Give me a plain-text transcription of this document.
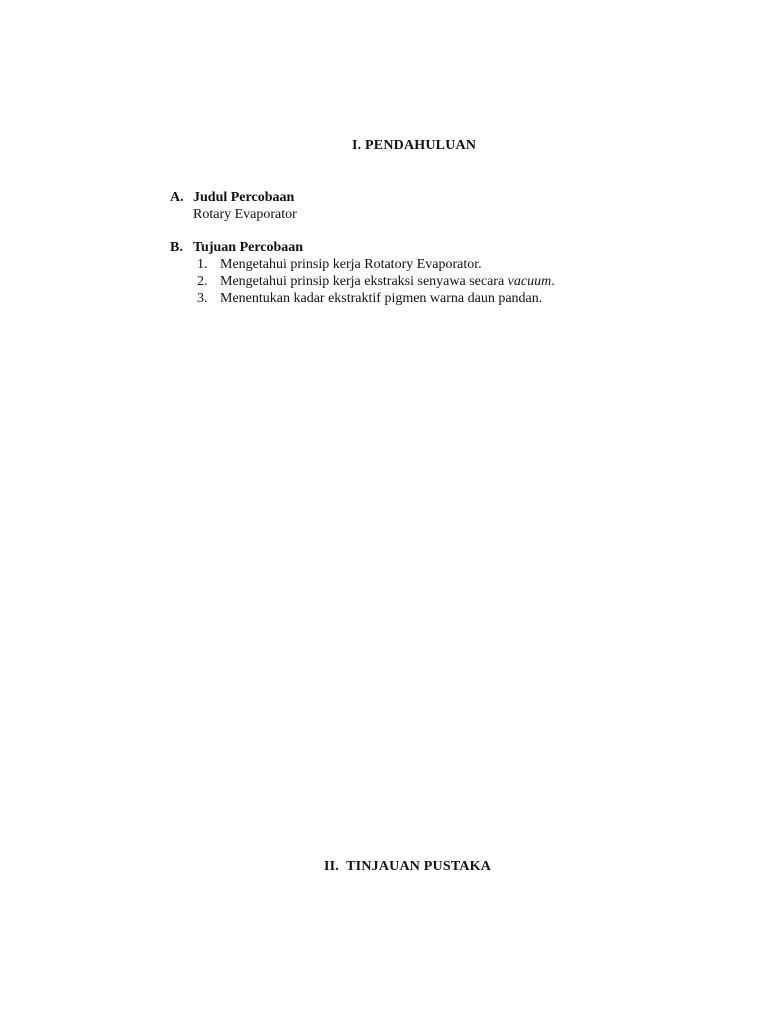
I. PENDAHULUAN
A. Judul Percobaan
Rotary Evaporator
B. Tujuan Percobaan
1. Mengetahui prinsip kerja Rotatory Evaporator.
2. Mengetahui prinsip kerja ekstraksi senyawa secara vacuum.
3. Menentukan kadar ekstraktif pigmen warna daun pandan.
II.  TINJAUAN PUSTAKA
